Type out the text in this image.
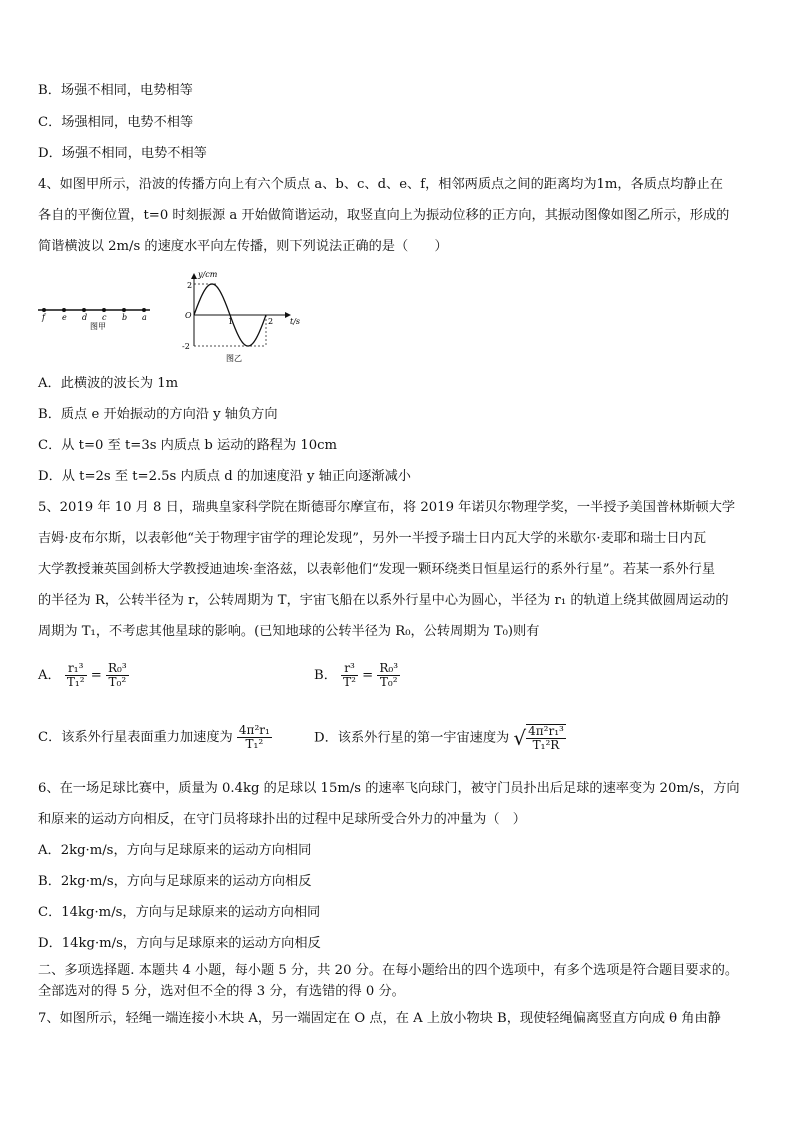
B．场强不相同，电势相等
C．场强相同，电势不相等
D．场强不相同，电势不相等
4、如图甲所示，沿波的传播方向上有六个质点 a、b、c、d、e、f，相邻两质点之间的距离均为1m，各质点均静止在
各自的平衡位置，t=0 时刻振源 a 开始做简谐运动，取竖直向上为振动位移的正方向，其振动图像如图乙所示，形成的
简谐横波以 2m/s 的速度水平向左传播，则下列说法正确的是（　　）
f e d c b a
图甲
y/cm
t/s
O
2
-2
1	2
图乙
A．此横波的波长为 1m
B．质点 e 开始振动的方向沿 y 轴负方向
C．从 t=0 至 t=3s 内质点 b 运动的路程为 10cm
D．从 t=2s 至 t=2.5s 内质点 d 的加速度沿 y 轴正向逐渐减小
5、2019 年 10 月 8 日，瑞典皇家科学院在斯德哥尔摩宣布，将 2019 年诺贝尔物理学奖，一半授予美国普林斯顿大学
吉姆·皮布尔斯，以表彰他“关于物理宇宙学的理论发现”，另外一半授予瑞士日内瓦大学的米歇尔·麦耶和瑞士日内瓦
大学教授兼英国剑桥大学教授迪迪埃·奎洛兹，以表彰他们“发现一颗环绕类日恒星运行的系外行星”。若某一系外行星
的半径为 R，公转半径为 r，公转周期为 T，宇宙飞船在以系外行星中心为圆心，半径为 r₁ 的轨道上绕其做圆周运动的
周期为 T₁，不考虑其他星球的影响。(已知地球的公转半径为 R₀，公转周期为 T₀)则有
A． $\frac{\text{r₁³}}{\text{T₁²}} = \frac{\text{R₀³}}{\text{T₀²}}$	B． $\frac{\text{r³}}{\text{T²}} = \frac{\text{R₀³}}{\text{T₀²}}$
C．该系外行星表面重力加速度为 $\frac{\text{4π²r₁}}{\text{T₁²}}$	D．该系外行星的第一宇宙速度为 √ $\frac{\text{4π²r₁³}}{\text{T₁²R}}$
6、在一场足球比赛中，质量为 0.4kg 的足球以 15m/s 的速率飞向球门，被守门员扑出后足球的速率变为 20m/s，方向
和原来的运动方向相反，在守门员将球扑出的过程中足球所受合外力的冲量为（　）
A．2kg·m/s，方向与足球原来的运动方向相同
B．2kg·m/s，方向与足球原来的运动方向相反
C．14kg·m/s，方向与足球原来的运动方向相同
D．14kg·m/s，方向与足球原来的运动方向相反
二、多项选择题. 本题共 4 小题，每小题 5 分，共 20 分。在每小题给出的四个选项中，有多个选项是符合题目要求的。
全部选对的得 5 分，选对但不全的得 3 分，有选错的得 0 分。
7、如图所示，轻绳一端连接小木块 A，另一端固定在 O 点，在 A 上放小物块 B，现使轻绳偏离竖直方向成 θ 角由静
